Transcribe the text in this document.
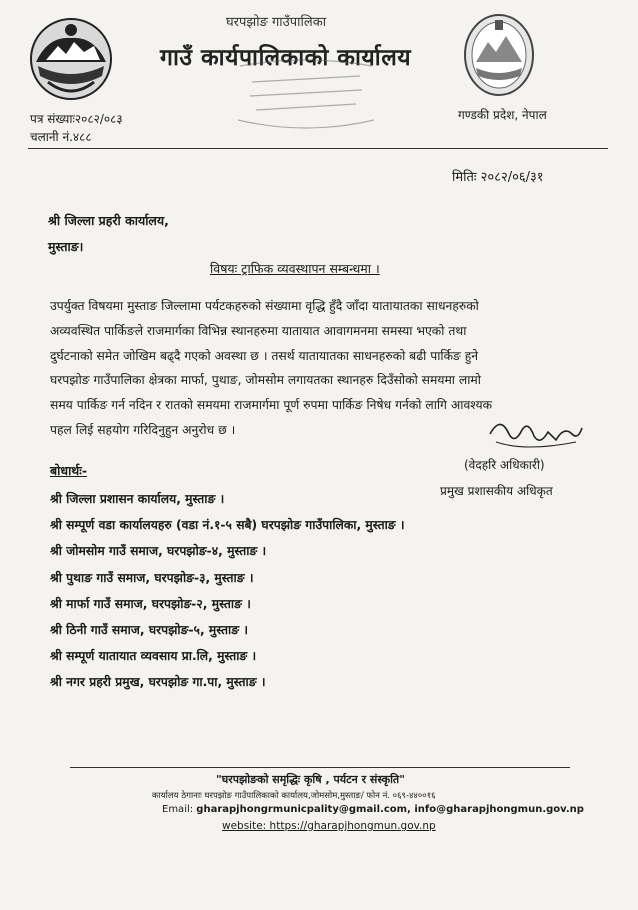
घरपझोङ गाउँपालिका
गाउँ कार्यपालिकाको कार्यालय
पत्र संख्याः२०८२/०८३
चलानी नं.४८८
गण्डकी प्रदेश, नेपाल
मितिः २०८२/०६/३१
श्री जिल्ला प्रहरी कार्यालय,
मुस्ताङ।
विषयः ट्राफिक व्यवस्थापन सम्बन्धमा ।
उपर्युक्त विषयमा मुस्ताङ जिल्लामा पर्यटकहरुको संख्यामा वृद्धि हुँदै जाँदा यातायातका साधनहरुको
अव्यवस्थित पार्किङले राजमार्गका विभिन्न स्थानहरुमा यातायात आवागमनमा समस्या भएको तथा
दुर्घटनाको समेत जोखिम बढ्दै गएको अवस्था छ । तसर्थ यातायातका साधनहरुको बढी पार्किङ हुने
घरपझोङ गाउँपालिका क्षेत्रका मार्फा, पुथाङ, जोमसोम लगायतका स्थानहरु दिउँसोको समयमा लामो
समय पार्किङ गर्न नदिन र रातको समयमा राजमार्गमा पूर्ण रुपमा पार्किङ निषेध गर्नको लागि आवश्यक
पहल लिई सहयोग गरिदिनुहुन अनुरोध छ ।
(वेदहरि अधिकारी)
प्रमुख प्रशासकीय अधिकृत
बोधार्थः-
श्री जिल्ला प्रशासन कार्यालय, मुस्ताङ ।
श्री सम्पूर्ण वडा कार्यालयहरु (वडा नं.१-५ सबै) घरपझोङ गाउँपालिका, मुस्ताङ ।
श्री जोमसोम गाउँ समाज, घरपझोङ-४, मुस्ताङ ।
श्री पुथाङ गाउँ समाज, घरपझोङ-३, मुस्ताङ ।
श्री मार्फा गाउँ समाज, घरपझोङ-२, मुस्ताङ ।
श्री ठिनी गाउँ समाज, घरपझोङ-५, मुस्ताङ ।
श्री सम्पूर्ण यातायात व्यवसाय प्रा.लि, मुस्ताङ ।
श्री नगर प्रहरी प्रमुख, घरपझोङ गा.पा, मुस्ताङ ।
"घरपझोङको समृद्धिः कृषि , पर्यटन र संस्कृति"
कार्यालय ठेगानाः घरपझोङ गाउँपालिकाको कार्यालय,जोमसोम,मुस्ताङ/ फोन नं. ०६९-४४००१६
Email: gharapjhongrmunicpality@gmail.com, info@gharapjhongmun.gov.np
website: https://gharapjhongmun.gov.np
